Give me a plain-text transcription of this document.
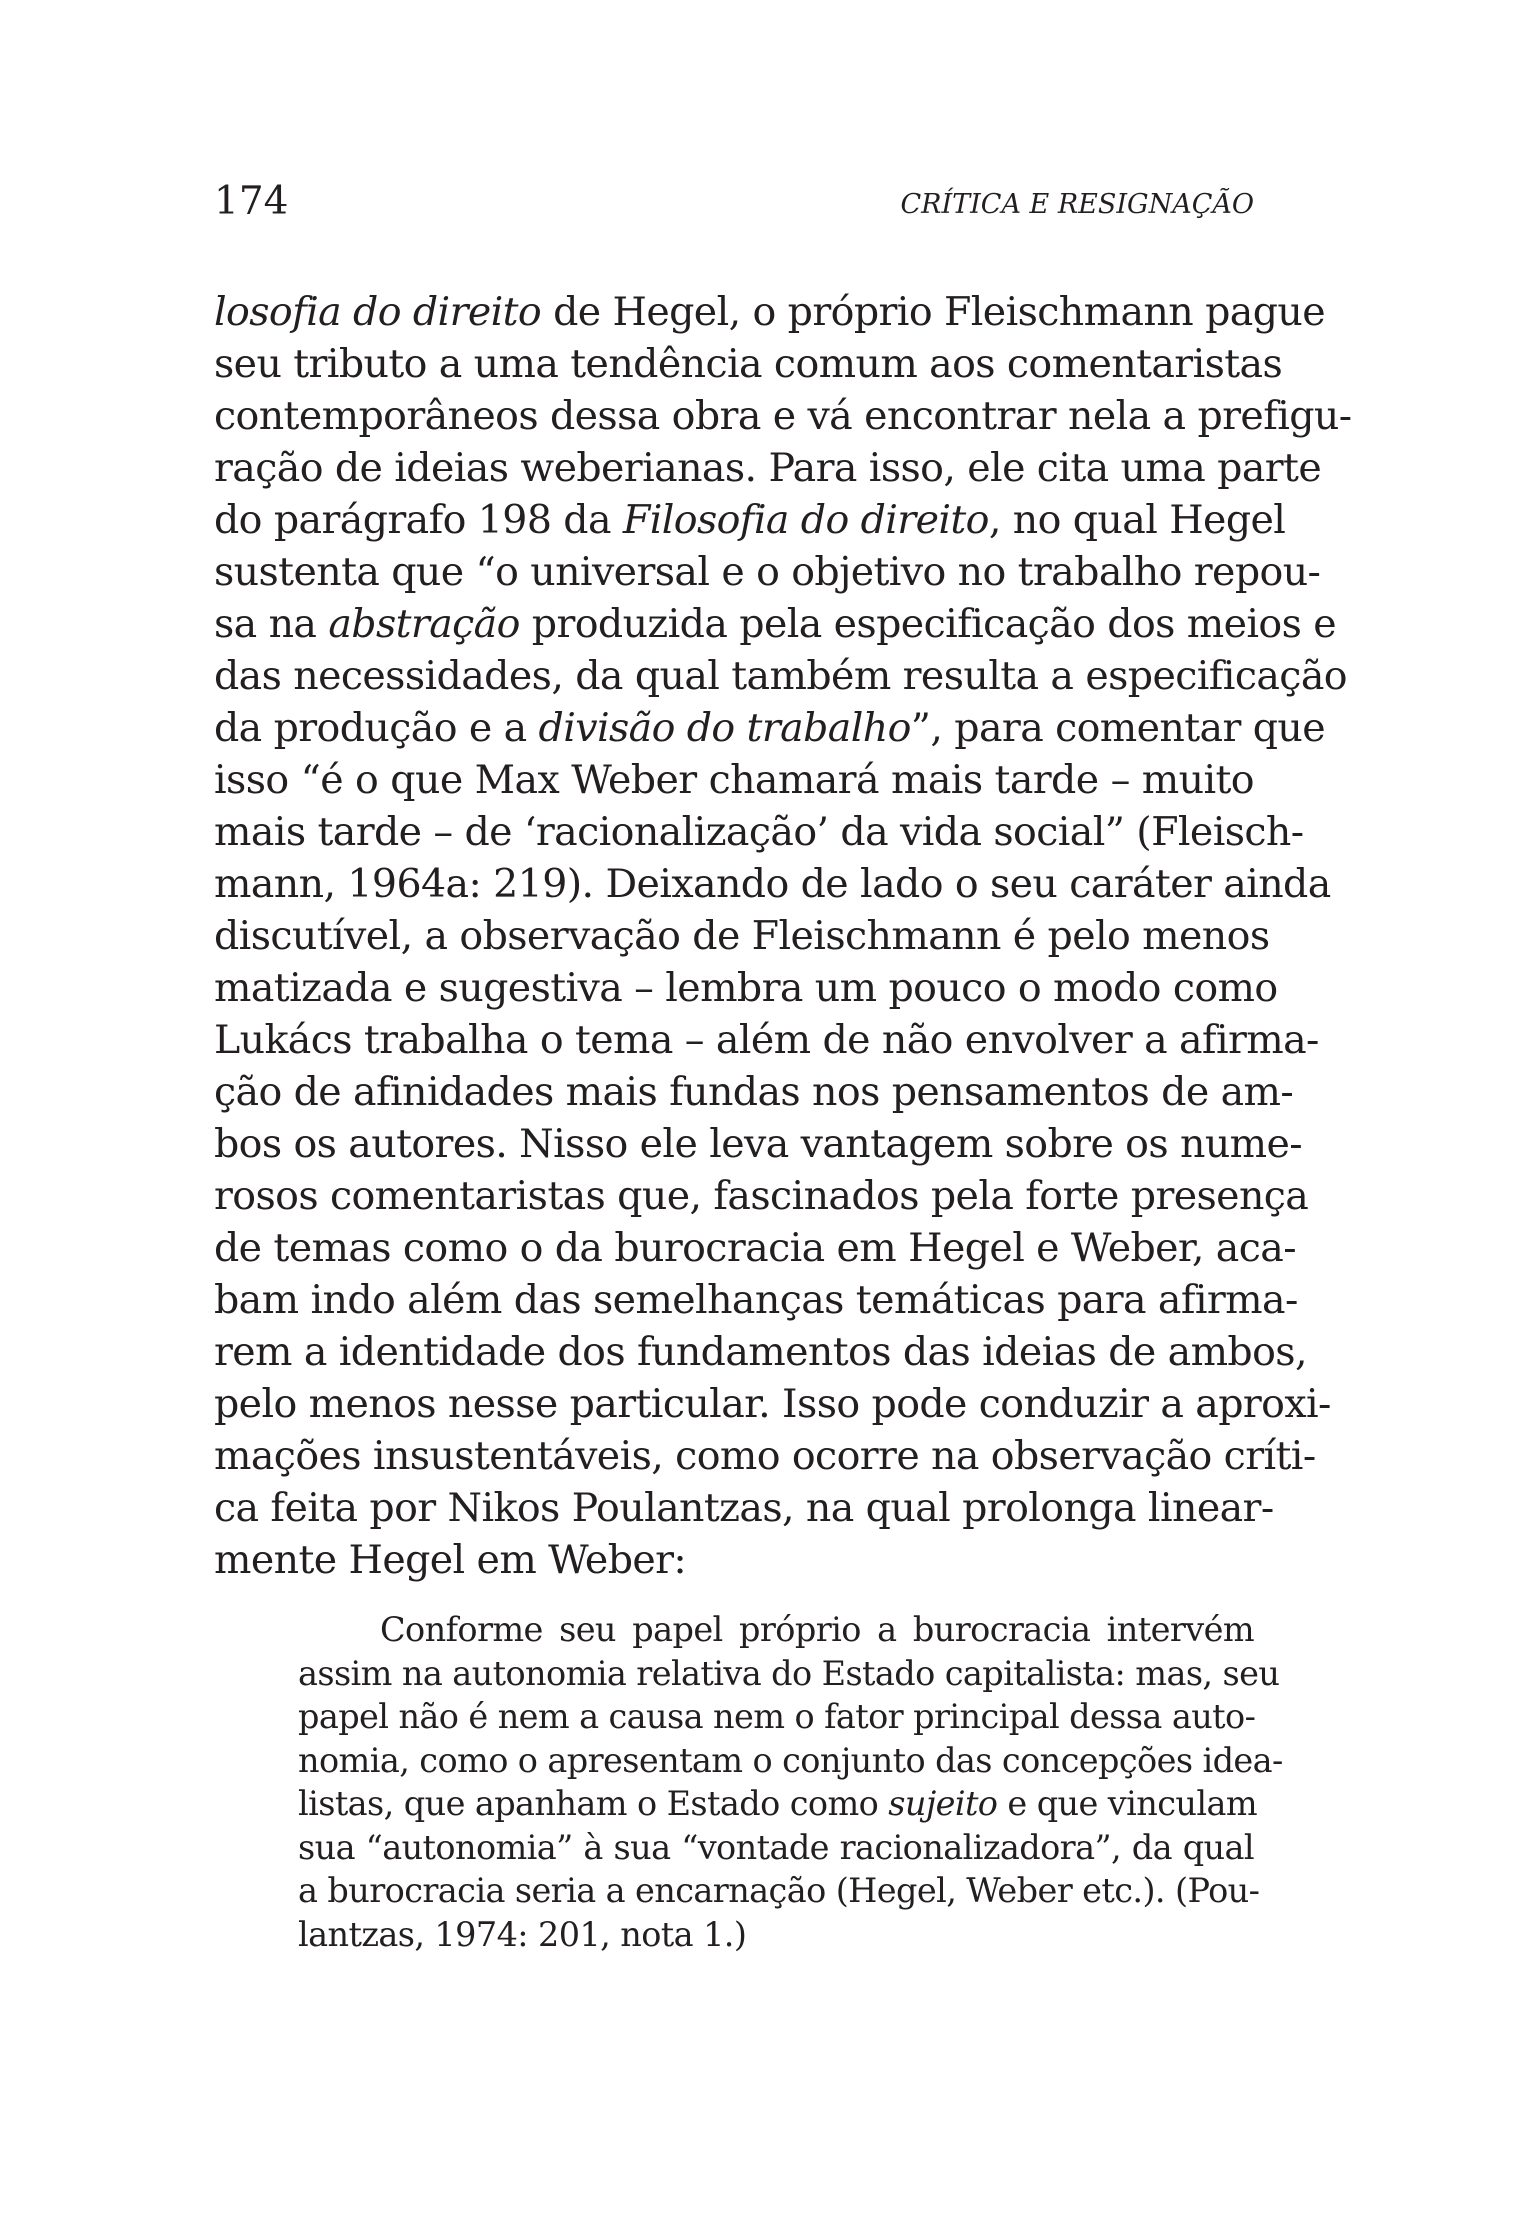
174	CRÍTICA E RESIGNAÇÃO
losofia do direito de Hegel, o próprio Fleischmann pague
seu tributo a uma tendência comum aos comentaristas
contemporâneos dessa obra e vá encontrar nela a prefigu-
ração de ideias weberianas. Para isso, ele cita uma parte
do parágrafo 198 da Filosofia do direito, no qual Hegel
sustenta que “o universal e o objetivo no trabalho repou-
sa na abstração produzida pela especificação dos meios e
das necessidades, da qual também resulta a especificação
da produção e a divisão do trabalho”, para comentar que
isso “é o que Max Weber chamará mais tarde – muito
mais tarde – de ‘racionalização’ da vida social” (Fleisch-
mann, 1964a: 219). Deixando de lado o seu caráter ainda
discutível, a observação de Fleischmann é pelo menos
matizada e sugestiva – lembra um pouco o modo como
Lukács trabalha o tema – além de não envolver a afirma-
ção de afinidades mais fundas nos pensamentos de am-
bos os autores. Nisso ele leva vantagem sobre os nume-
rosos comentaristas que, fascinados pela forte presença
de temas como o da burocracia em Hegel e Weber, aca-
bam indo além das semelhanças temáticas para afirma-
rem a identidade dos fundamentos das ideias de ambos,
pelo menos nesse particular. Isso pode conduzir a aproxi-
mações insustentáveis, como ocorre na observação críti-
ca feita por Nikos Poulantzas, na qual prolonga linear-
mente Hegel em Weber:
Conforme seu papel próprio a burocracia intervém
assim na autonomia relativa do Estado capitalista: mas, seu
papel não é nem a causa nem o fator principal dessa auto-
nomia, como o apresentam o conjunto das concepções idea-
listas, que apanham o Estado como sujeito e que vinculam
sua “autonomia” à sua “vontade racionalizadora”, da qual
a burocracia seria a encarnação (Hegel, Weber etc.). (Pou-
lantzas, 1974: 201, nota 1.)
